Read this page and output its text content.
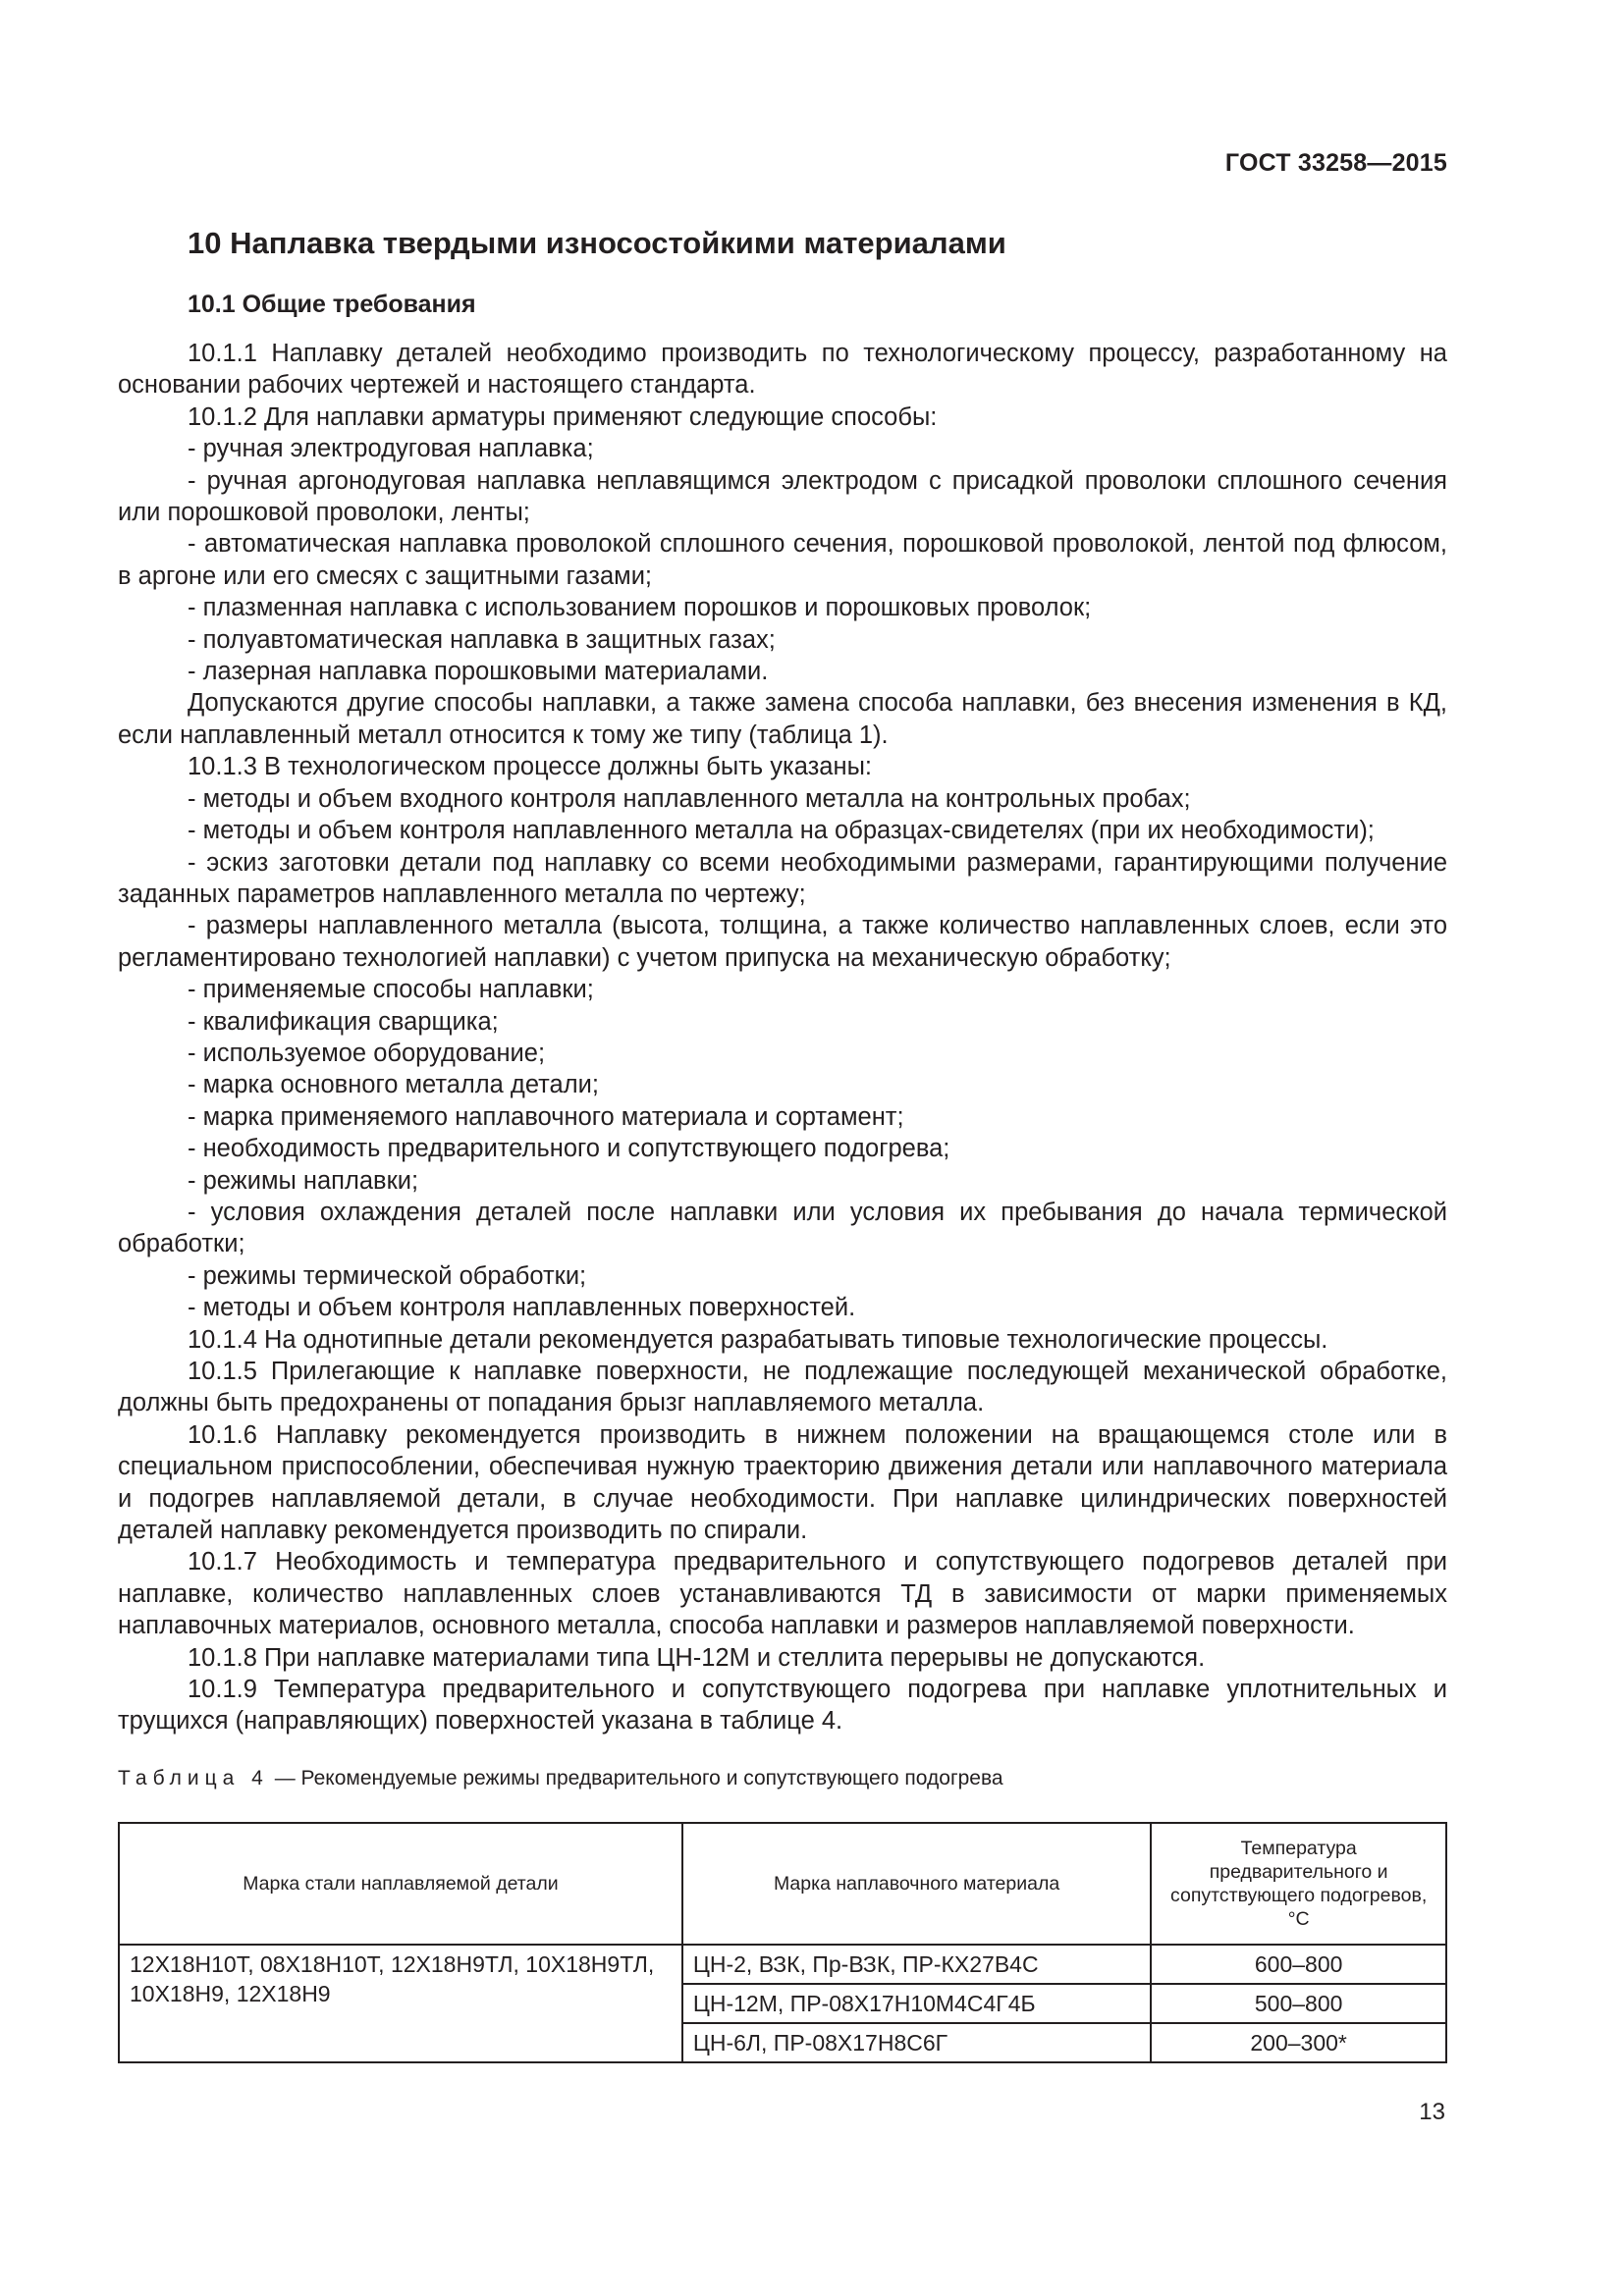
ГОСТ 33258—2015
10 Наплавка твердыми износостойкими материалами
10.1 Общие требования

10.1.1 Наплавку деталей необходимо производить по технологическому процессу, разработанному на основании рабочих чертежей и настоящего стандарта.

10.1.2 Для наплавки арматуры применяют следующие способы:

- ручная электродуговая наплавка;

- ручная аргонодуговая наплавка неплавящимся электродом с присадкой проволоки сплошного сечения или порошковой проволоки, ленты;

- автоматическая наплавка проволокой сплошного сечения, порошковой проволокой, лентой под флюсом, в аргоне или его смесях с защитными газами;

- плазменная наплавка с использованием порошков и порошковых проволок;

- полуавтоматическая наплавка в защитных газах;

- лазерная наплавка порошковыми материалами.

Допускаются другие способы наплавки, а также замена способа наплавки, без внесения изменения в КД, если наплавленный металл относится к тому же типу (таблица 1).

10.1.3 В технологическом процессе должны быть указаны:

- методы и объем входного контроля наплавленного металла на контрольных пробах;

- методы и объем контроля наплавленного металла на образцах-свидетелях (при их необходимости);

- эскиз заготовки детали под наплавку со всеми необходимыми размерами, гарантирующими получение заданных параметров наплавленного металла по чертежу;

- размеры наплавленного металла (высота, толщина, а также количество наплавленных слоев, если это регламентировано технологией наплавки) с учетом припуска на механическую обработку;

- применяемые способы наплавки;

- квалификация сварщика;

- используемое оборудование;

- марка основного металла детали;

- марка применяемого наплавочного материала и сортамент;

- необходимость предварительного и сопутствующего подогрева;

- режимы наплавки;

- условия охлаждения деталей после наплавки или условия их пребывания до начала термической обработки;

- режимы термической обработки;

- методы и объем контроля наплавленных поверхностей.

10.1.4 На однотипные детали рекомендуется разрабатывать типовые технологические процессы.

10.1.5 Прилегающие к наплавке поверхности, не подлежащие последующей механической обработке, должны быть предохранены от попадания брызг наплавляемого металла.

10.1.6 Наплавку рекомендуется производить в нижнем положении на вращающемся столе или в специальном приспособлении, обеспечивая нужную траекторию движения детали или наплавочного материала и подогрев наплавляемой детали, в случае необходимости. При наплавке цилиндрических поверхностей деталей наплавку рекомендуется производить по спирали.

10.1.7 Необходимость и температура предварительного и сопутствующего подогревов деталей при наплавке, количество наплавленных слоев устанавливаются ТД в зависимости от марки применяемых наплавочных материалов, основного металла, способа наплавки и размеров наплавляемой поверхности.

10.1.8 При наплавке материалами типа ЦН-12М и стеллита перерывы не допускаются.

10.1.9 Температура предварительного и сопутствующего подогрева при наплавке уплотнительных и трущихся (направляющих) поверхностей указана в таблице 4.

Таблица 4 — Рекомендуемые режимы предварительного и сопутствующего подогрева
Марка стали наплавляемой детали	Марка наплавочного материала	Температура предварительного и сопутствующего подогревов, °С
12Х18Н10Т, 08Х18Н10Т, 12Х18Н9ТЛ, 10Х18Н9ТЛ, 10Х18Н9, 12Х18Н9	ЦН-2, ВЗК, Пр-ВЗК, ПР-КХ27В4С	600–800
	ЦН-12М, ПР-08Х17Н10М4С4Г4Б	500–800
	ЦН-6Л, ПР-08Х17Н8С6Г	200–300*
13
